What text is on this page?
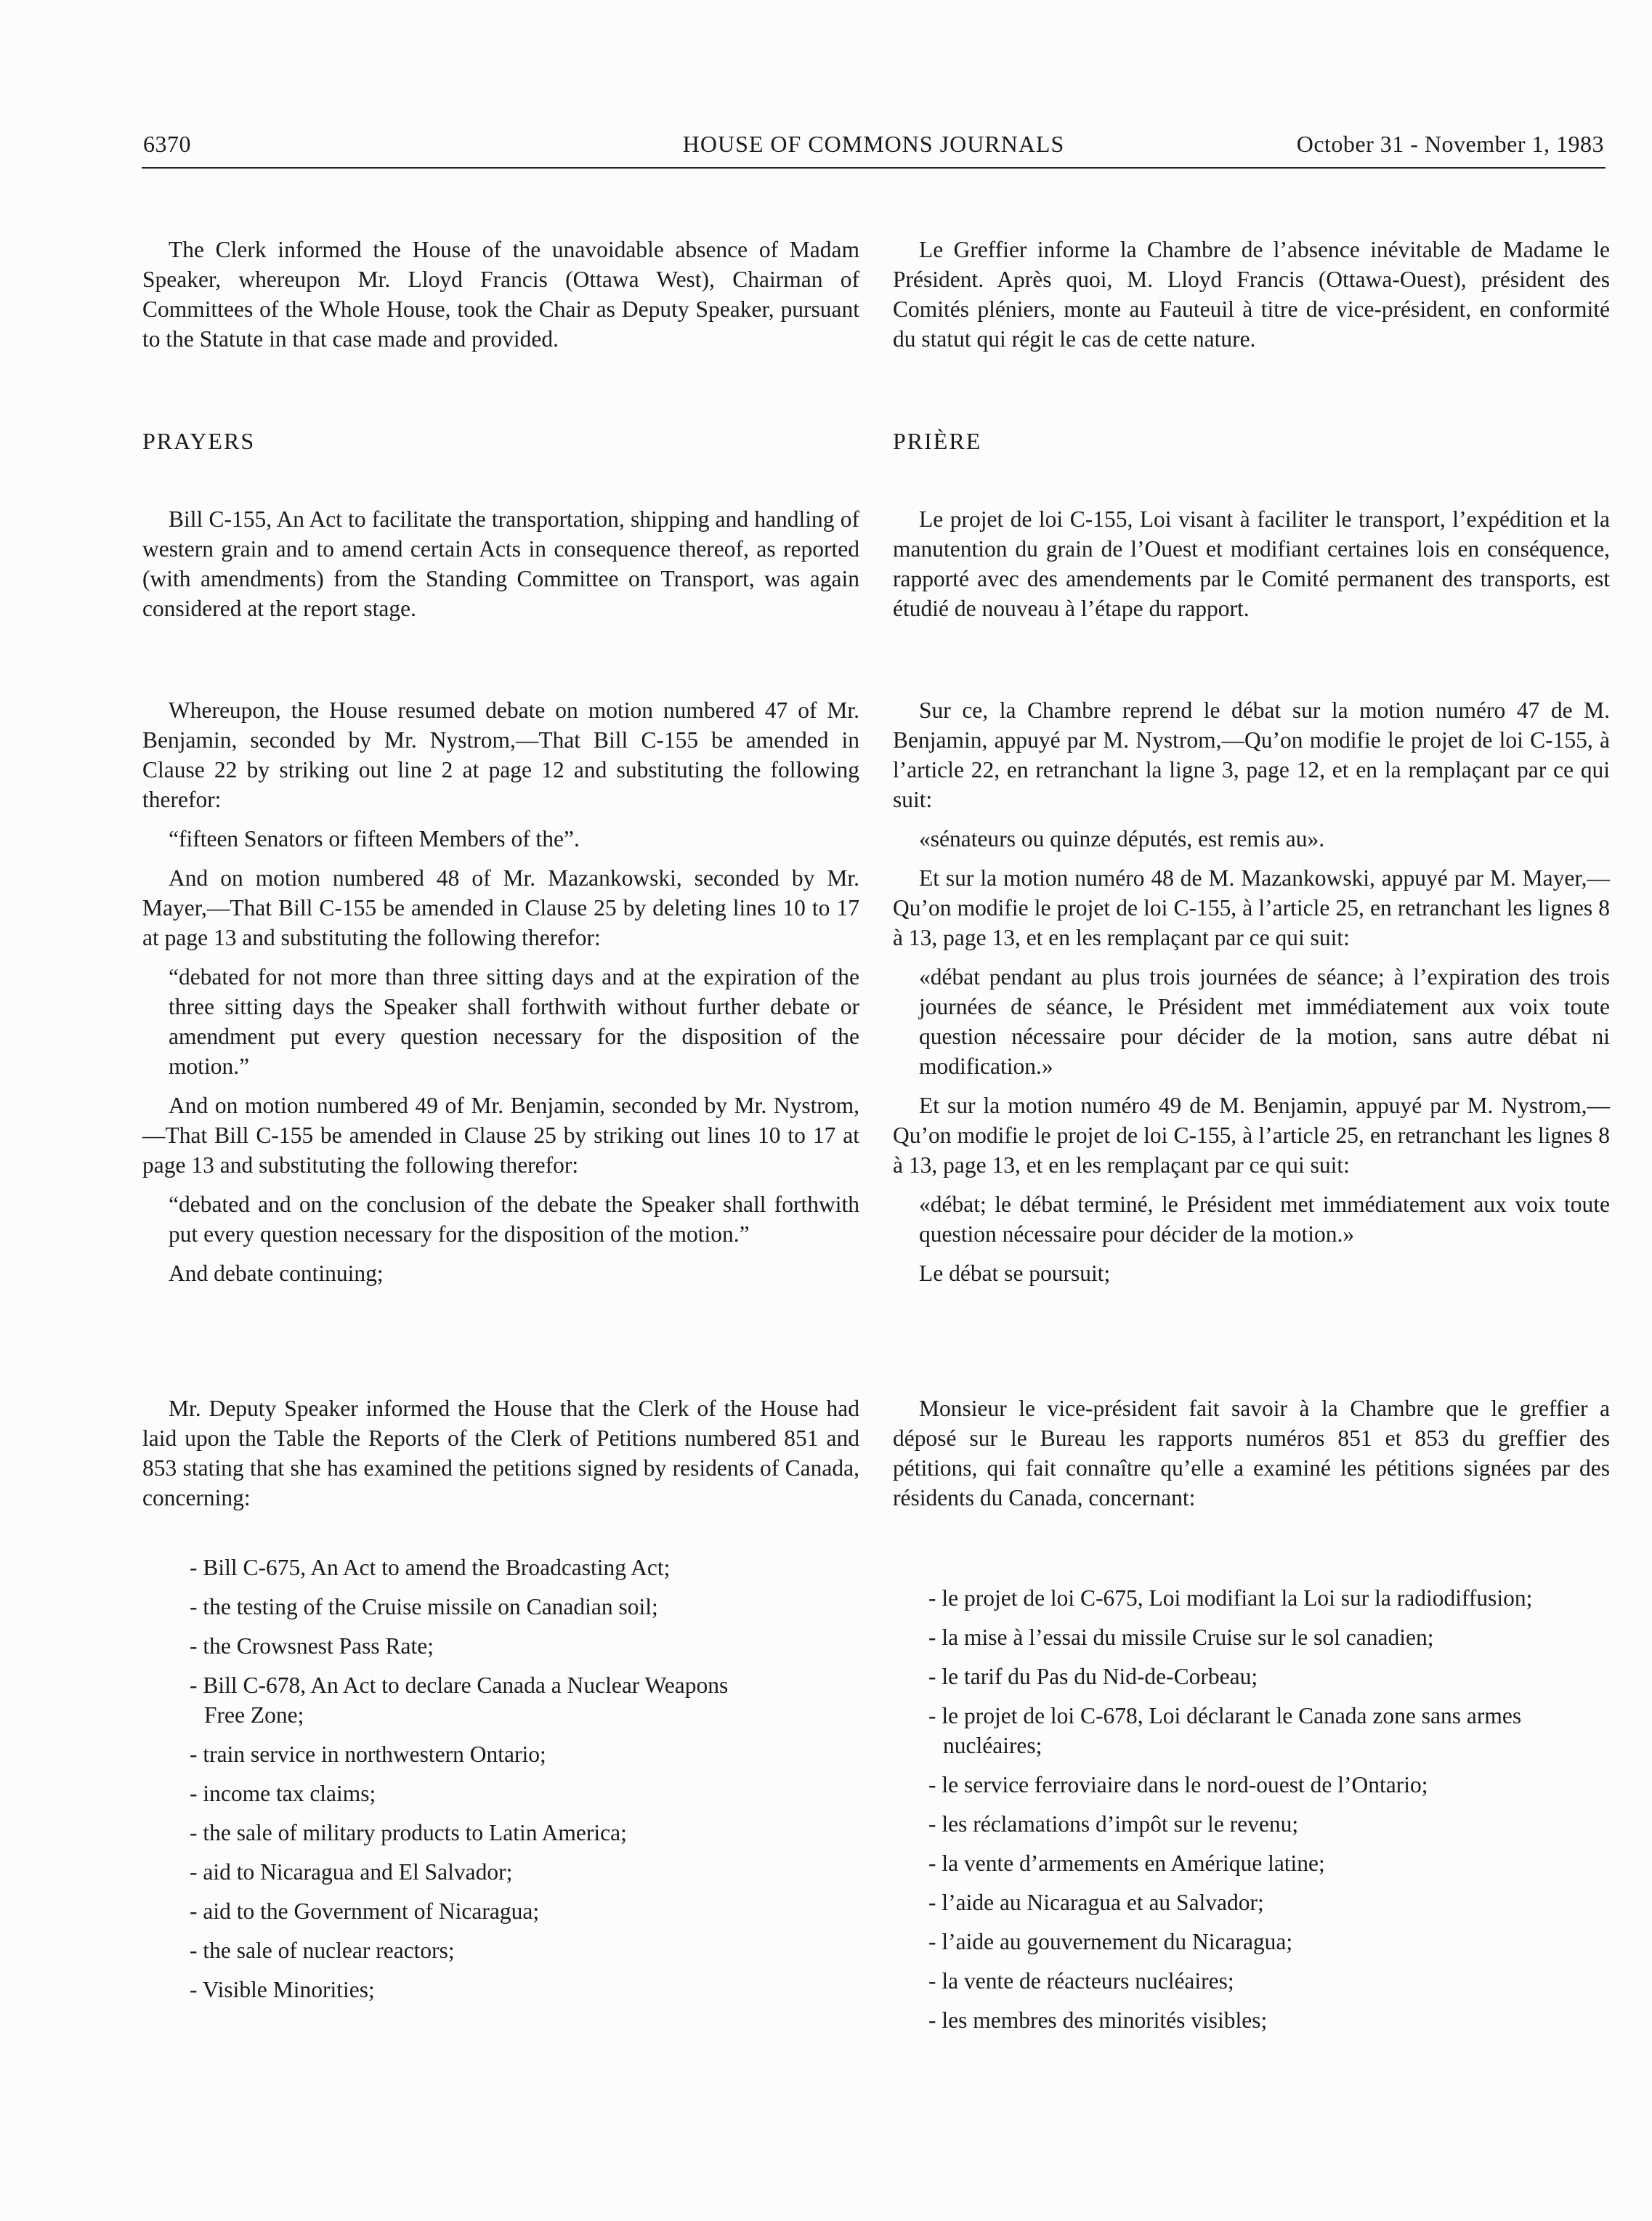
6370	HOUSE OF COMMONS JOURNALS	October 31 - November 1, 1983

The Clerk informed the House of the unavoidable absence of Madam Speaker, whereupon Mr. Lloyd Francis (Ottawa West), Chairman of Committees of the Whole House, took the Chair as Deputy Speaker, pursuant to the Statute in that case made and provided.

PRAYERS

Bill C-155, An Act to facilitate the transportation, shipping and handling of western grain and to amend certain Acts in consequence thereof, as reported (with amendments) from the Standing Committee on Transport, was again considered at the report stage.

Whereupon, the House resumed debate on motion numbered 47 of Mr. Benjamin, seconded by Mr. Nystrom,—That Bill C-155 be amended in Clause 22 by striking out line 2 at page 12 and substituting the following therefor:

“fifteen Senators or fifteen Members of the”.

And on motion numbered 48 of Mr. Mazankowski, seconded by Mr. Mayer,—That Bill C-155 be amended in Clause 25 by deleting lines 10 to 17 at page 13 and substituting the following therefor:

“debated for not more than three sitting days and at the expiration of the three sitting days the Speaker shall forthwith without further debate or amendment put every question necessary for the disposition of the motion.”

And on motion numbered 49 of Mr. Benjamin, seconded by Mr. Nystrom,—That Bill C-155 be amended in Clause 25 by striking out lines 10 to 17 at page 13 and substituting the following therefor:

“debated and on the conclusion of the debate the Speaker shall forthwith put every question necessary for the disposition of the motion.”

And debate continuing;

Mr. Deputy Speaker informed the House that the Clerk of the House had laid upon the Table the Reports of the Clerk of Petitions numbered 851 and 853 stating that she has examined the petitions signed by residents of Canada, concerning:

- Bill C-675, An Act to amend the Broadcasting Act;
- the testing of the Cruise missile on Canadian soil;
- the Crowsnest Pass Rate;
- Bill C-678, An Act to declare Canada a Nuclear Weapons Free Zone;
- train service in northwestern Ontario;
- income tax claims;
- the sale of military products to Latin America;
- aid to Nicaragua and El Salvador;
- aid to the Government of Nicaragua;
- the sale of nuclear reactors;
- Visible Minorities;

Le Greffier informe la Chambre de l’absence inévitable de Madame le Président. Après quoi, M. Lloyd Francis (Ottawa-Ouest), président des Comités pléniers, monte au Fauteuil à titre de vice-président, en conformité du statut qui régit le cas de cette nature.

PRIÈRE

Le projet de loi C-155, Loi visant à faciliter le transport, l’expédition et la manutention du grain de l’Ouest et modifiant certaines lois en conséquence, rapporté avec des amendements par le Comité permanent des transports, est étudié de nouveau à l’étape du rapport.

Sur ce, la Chambre reprend le débat sur la motion numéro 47 de M. Benjamin, appuyé par M. Nystrom,—Qu’on modifie le projet de loi C-155, à l’article 22, en retranchant la ligne 3, page 12, et en la remplaçant par ce qui suit:

«sénateurs ou quinze députés, est remis au».

Et sur la motion numéro 48 de M. Mazankowski, appuyé par M. Mayer,—Qu’on modifie le projet de loi C-155, à l’article 25, en retranchant les lignes 8 à 13, page 13, et en les remplaçant par ce qui suit:

«débat pendant au plus trois journées de séance; à l’expiration des trois journées de séance, le Président met immédiatement aux voix toute question nécessaire pour décider de la motion, sans autre débat ni modification.»

Et sur la motion numéro 49 de M. Benjamin, appuyé par M. Nystrom,—Qu’on modifie le projet de loi C-155, à l’article 25, en retranchant les lignes 8 à 13, page 13, et en les remplaçant par ce qui suit:

«débat; le débat terminé, le Président met immédiatement aux voix toute question nécessaire pour décider de la motion.»

Le débat se poursuit;

Monsieur le vice-président fait savoir à la Chambre que le greffier a déposé sur le Bureau les rapports numéros 851 et 853 du greffier des pétitions, qui fait connaître qu’elle a examiné les pétitions signées par des résidents du Canada, concernant:

- le projet de loi C-675, Loi modifiant la Loi sur la radiodiffusion;
- la mise à l’essai du missile Cruise sur le sol canadien;
- le tarif du Pas du Nid-de-Corbeau;
- le projet de loi C-678, Loi déclarant le Canada zone sans armes nucléaires;
- le service ferroviaire dans le nord-ouest de l’Ontario;
- les réclamations d’impôt sur le revenu;
- la vente d’armements en Amérique latine;
- l’aide au Nicaragua et au Salvador;
- l’aide au gouvernement du Nicaragua;
- la vente de réacteurs nucléaires;
- les membres des minorités visibles;
